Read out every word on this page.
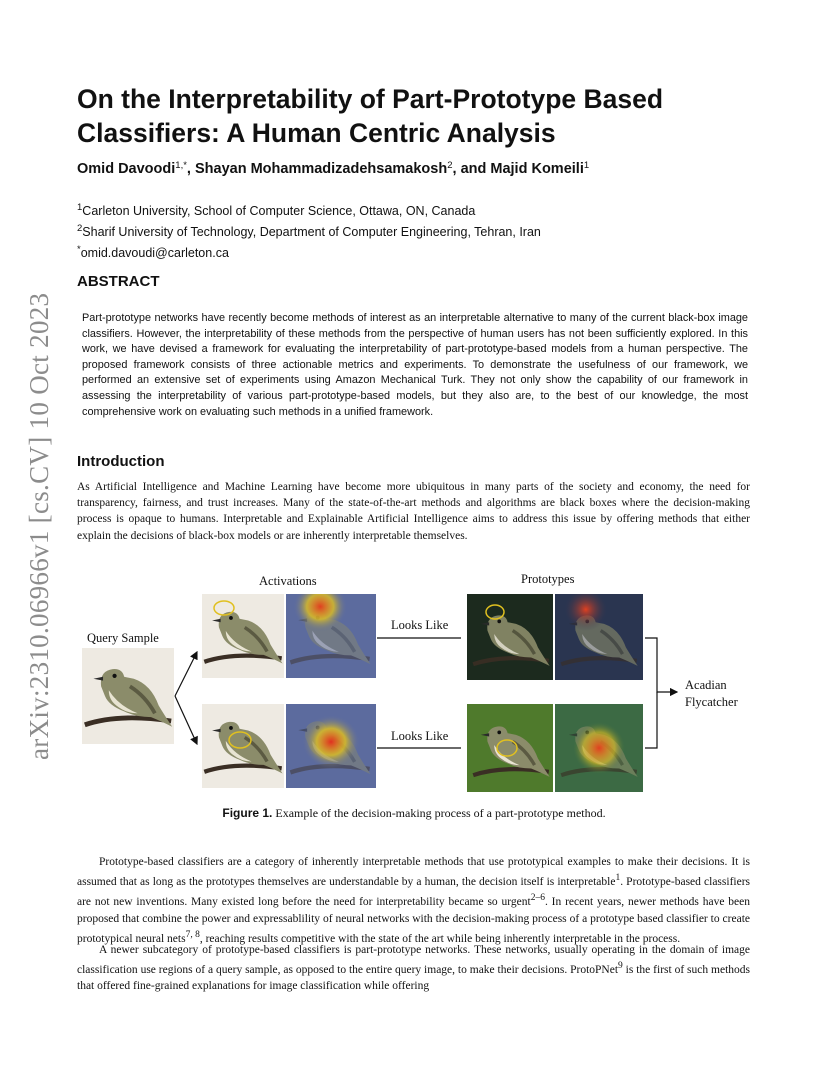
arXiv:2310.06966v1 [cs.CV] 10 Oct 2023
On the Interpretability of Part-Prototype Based Classifiers: A Human Centric Analysis
Omid Davoodi$^{1,*}$, Shayan Mohammadizadehsamakosh$^2$, and Majid Komeili$^1$
$^1$Carleton University, School of Computer Science, Ottawa, ON, Canada
$^2$Sharif University of Technology, Department of Computer Engineering, Tehran, Iran
*omid.davoudi@carleton.ca
ABSTRACT

Part-prototype networks have recently become methods of interest as an interpretable alternative to many of the current black-box image classifiers. However, the interpretability of these methods from the perspective of human users has not been sufficiently explored. In this work, we have devised a framework for evaluating the interpretability of part-prototype-based models from a human perspective. The proposed framework consists of three actionable metrics and experiments. To demonstrate the usefulness of our framework, we performed an extensive set of experiments using Amazon Mechanical Turk. They not only show the capability of our framework in assessing the interpretability of various part-prototype-based models, but they also are, to the best of our knowledge, the most comprehensive work on evaluating such methods in a unified framework.

Introduction

As Artificial Intelligence and Machine Learning have become more ubiquitous in many parts of the society and economy, the need for transparency, fairness, and trust increases. Many of the state-of-the-art methods and algorithms are black boxes where the decision-making process is opaque to humans. Interpretable and Explainable Artificial Intelligence aims to address this issue by offering methods that either explain the decisions of black-box models or are inherently interpretable themselves.

Query Sample
Activations	Prototypes
Looks Like
Looks Like
Acadian
Flycatcher
Figure 1. Example of the decision-making process of a part-prototype method.

Prototype-based classifiers are a category of inherently interpretable methods that use prototypical examples to make their decisions. It is assumed that as long as the prototypes themselves are understandable by a human, the decision itself is interpretable$^1$. Prototype-based classifiers are not new inventions. Many existed long before the need for interpretability became so urgent$^{2-6}$. In recent years, newer methods have been proposed that combine the power and expressablility of neural networks with the decision-making process of a prototype based classifier to create prototypical neural nets$^{7, 8}$, reaching results competitive with the state of the art while being inherently interpretable in the process.

A newer subcategory of prototype-based classifiers is part-prototype networks. These networks, usually operating in the domain of image classification use regions of a query sample, as opposed to the entire query image, to make their decisions. ProtoPNet$^9$ is the first of such methods that offered fine-grained explanations for image classification while offering
